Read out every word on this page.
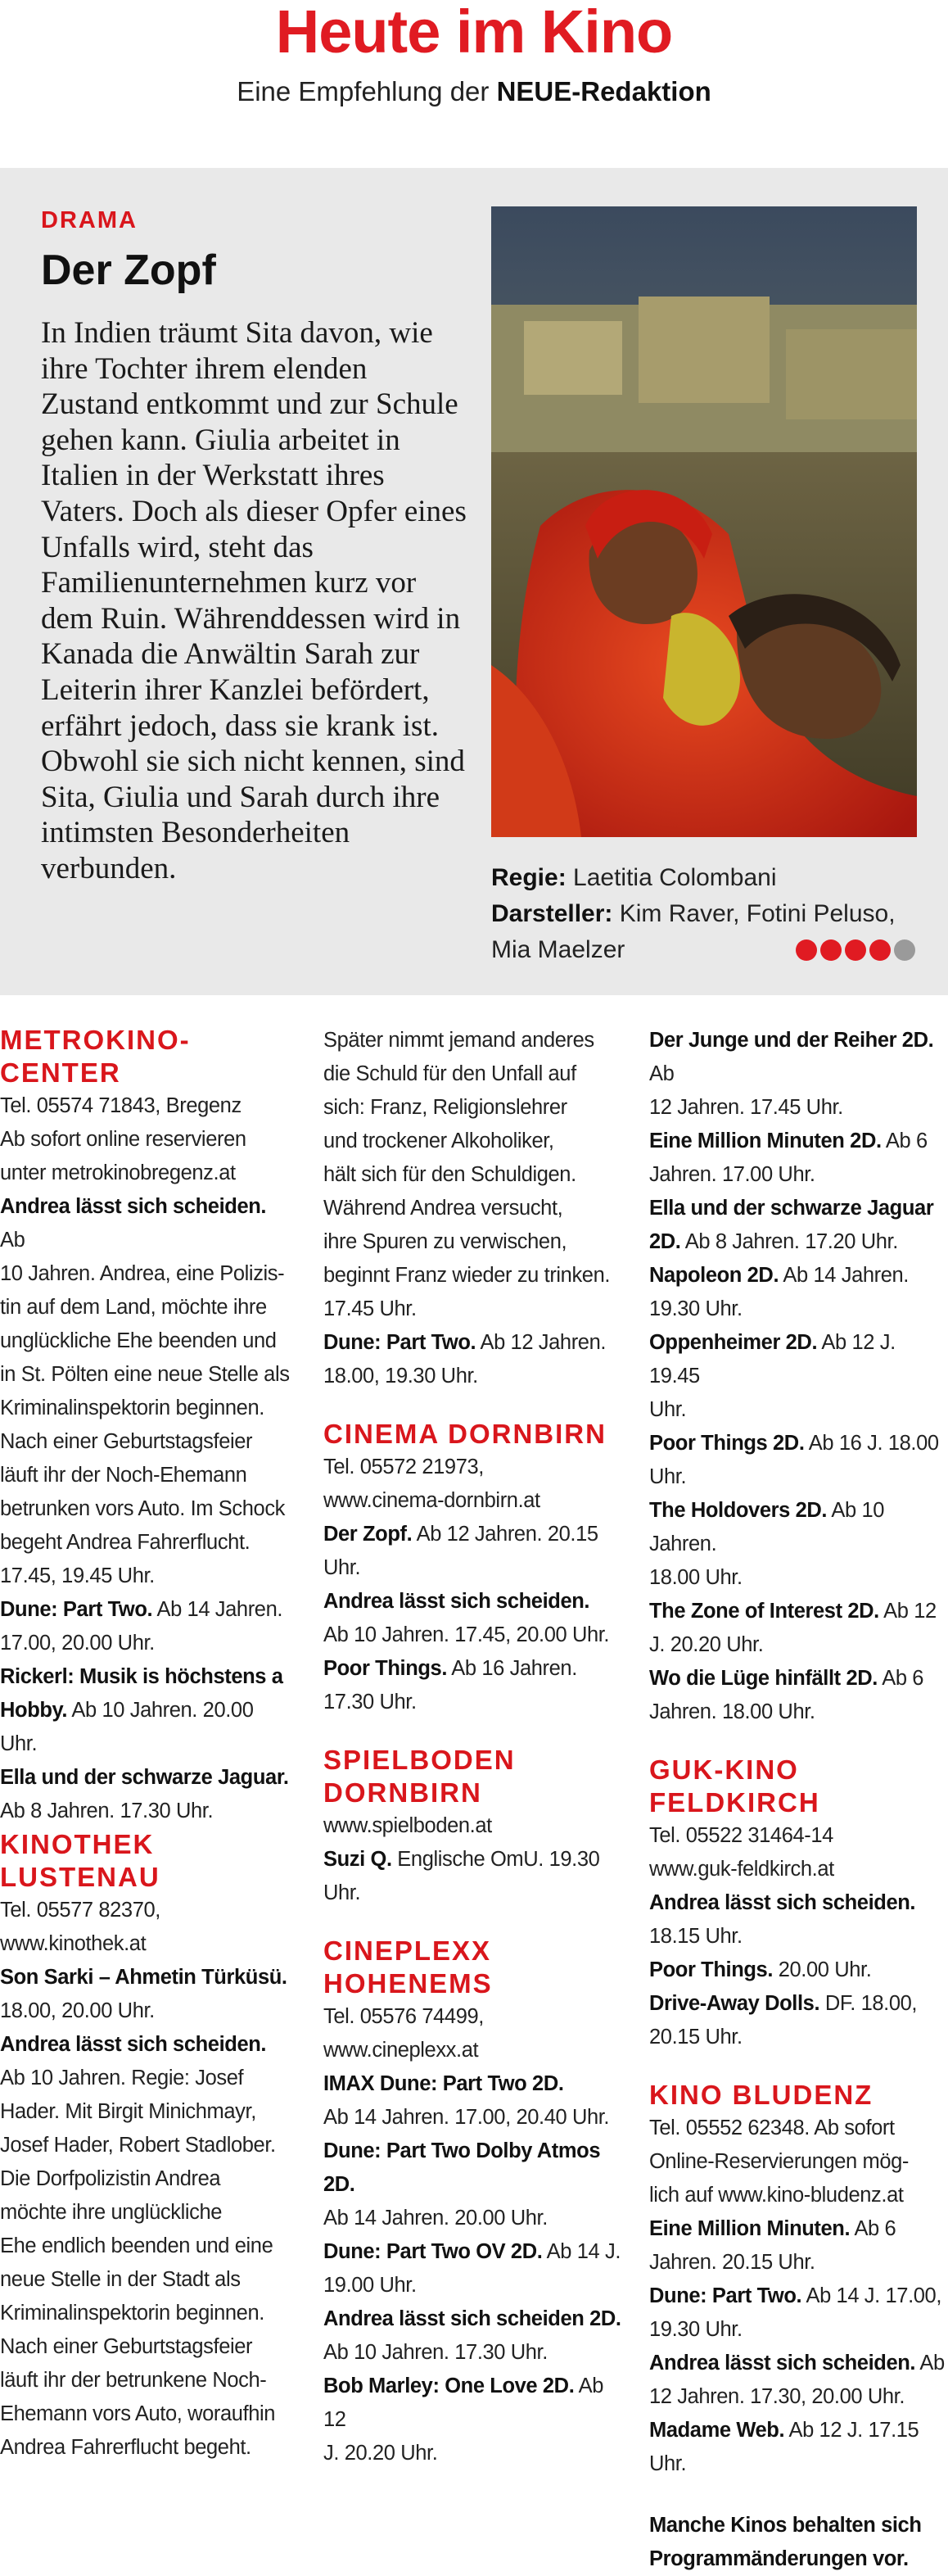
Heute im Kino
Eine Empfehlung der NEUE-Redaktion
DRAMA
Der Zopf
In Indien träumt Sita davon, wie ihre Tochter ihrem elenden Zustand entkommt und zur Schule gehen kann. Giulia arbeitet in Italien in der Werkstatt ihres Vaters. Doch als dieser Opfer eines Unfalls wird, steht das Familienunternehmen kurz vor dem Ruin. Währenddessen wird in Kanada die Anwältin Sarah zur Leiterin ihrer Kanzlei befördert, erfährt jedoch, dass sie krank ist. Obwohl sie sich nicht kennen, sind Sita, Giulia und Sarah durch ihre intimsten Besonderheiten verbunden.	Regie: Laetitia Colombani
Darsteller: Kim Raver, Fotini Peluso, Mia Maelzer
METROKINO-
CENTER
Tel. 05574 71843, Bregenz
Ab sofort online reservieren
unter metrokinobregenz.at
Andrea lässt sich scheiden. Ab
10 Jahren. Andrea, eine Polizis-
tin auf dem Land, möchte ihre
unglückliche Ehe beenden und
in St. Pölten eine neue Stelle als
Kriminalinspektorin beginnen.
Nach einer Geburtstagsfeier
läuft ihr der Noch-Ehemann
betrunken vors Auto. Im Schock
begeht Andrea Fahrerflucht.
17.45, 19.45 Uhr.
Dune: Part Two. Ab 14 Jahren.
17.00, 20.00 Uhr.
Rickerl: Musik is höchstens a
Hobby. Ab 10 Jahren. 20.00 Uhr.
Ella und der schwarze Jaguar.
Ab 8 Jahren. 17.30 Uhr.
KINOTHEK
LUSTENAU
Tel. 05577 82370,
www.kinothek.at
Son Sarki – Ahmetin Türküsü.
18.00, 20.00 Uhr.
Andrea lässt sich scheiden.
Ab 10 Jahren. Regie: Josef
Hader. Mit Birgit Minichmayr,
Josef Hader, Robert Stadlober.
Die Dorfpolizistin Andrea
möchte ihre unglückliche
Ehe endlich beenden und eine
neue Stelle in der Stadt als
Kriminalinspektorin beginnen.
Nach einer Geburtstagsfeier
läuft ihr der betrunkene Noch-
Ehemann vors Auto, woraufhin
Andrea Fahrerflucht begeht.
Später nimmt jemand anderes
die Schuld für den Unfall auf
sich: Franz, Religionslehrer
und trockener Alkoholiker,
hält sich für den Schuldigen.
Während Andrea versucht,
ihre Spuren zu verwischen,
beginnt Franz wieder zu trinken.
17.45 Uhr.
Dune: Part Two. Ab 12 Jahren.
18.00, 19.30 Uhr.
CINEMA DORNBIRN
Tel. 05572 21973,
www.cinema-dornbirn.at
Der Zopf. Ab 12 Jahren. 20.15
Uhr.
Andrea lässt sich scheiden.
Ab 10 Jahren. 17.45, 20.00 Uhr.
Poor Things. Ab 16 Jahren.
17.30 Uhr.
SPIELBODEN
DORNBIRN
www.spielboden.at
Suzi Q. Englische OmU. 19.30
Uhr.
CINEPLEXX
HOHENEMS
Tel. 05576 74499,
www.cineplexx.at
IMAX Dune: Part Two 2D.
Ab 14 Jahren. 17.00, 20.40 Uhr.
Dune: Part Two Dolby Atmos 2D.
Ab 14 Jahren. 20.00 Uhr.
Dune: Part Two OV 2D. Ab 14 J.
19.00 Uhr.
Andrea lässt sich scheiden 2D.
Ab 10 Jahren. 17.30 Uhr.
Bob Marley: One Love 2D. Ab 12
J. 20.20 Uhr.
Der Junge und der Reiher 2D. Ab
12 Jahren. 17.45 Uhr.
Eine Million Minuten 2D. Ab 6
Jahren. 17.00 Uhr.
Ella und der schwarze Jaguar
2D. Ab 8 Jahren. 17.20 Uhr.
Napoleon 2D. Ab 14 Jahren.
19.30 Uhr.
Oppenheimer 2D. Ab 12 J. 19.45
Uhr.
Poor Things 2D. Ab 16 J. 18.00 Uhr.
The Holdovers 2D. Ab 10 Jahren.
18.00 Uhr.
The Zone of Interest 2D. Ab 12
J. 20.20 Uhr.
Wo die Lüge hinfällt 2D. Ab 6
Jahren. 18.00 Uhr.
GUK-KINO
FELDKIRCH
Tel. 05522 31464-14
www.guk-feldkirch.at
Andrea lässt sich scheiden.
18.15 Uhr.
Poor Things. 20.00 Uhr.
Drive-Away Dolls. DF. 18.00,
20.15 Uhr.
KINO BLUDENZ
Tel. 05552 62348. Ab sofort
Online-Reservierungen mög-
lich auf www.kino-bludenz.at
Eine Million Minuten. Ab 6
Jahren. 20.15 Uhr.
Dune: Part Two. Ab 14 J. 17.00,
19.30 Uhr.
Andrea lässt sich scheiden. Ab
12 Jahren. 17.30, 20.00 Uhr.
Madame Web. Ab 12 J. 17.15 Uhr.
Manche Kinos behalten sich
Programmänderungen vor.
